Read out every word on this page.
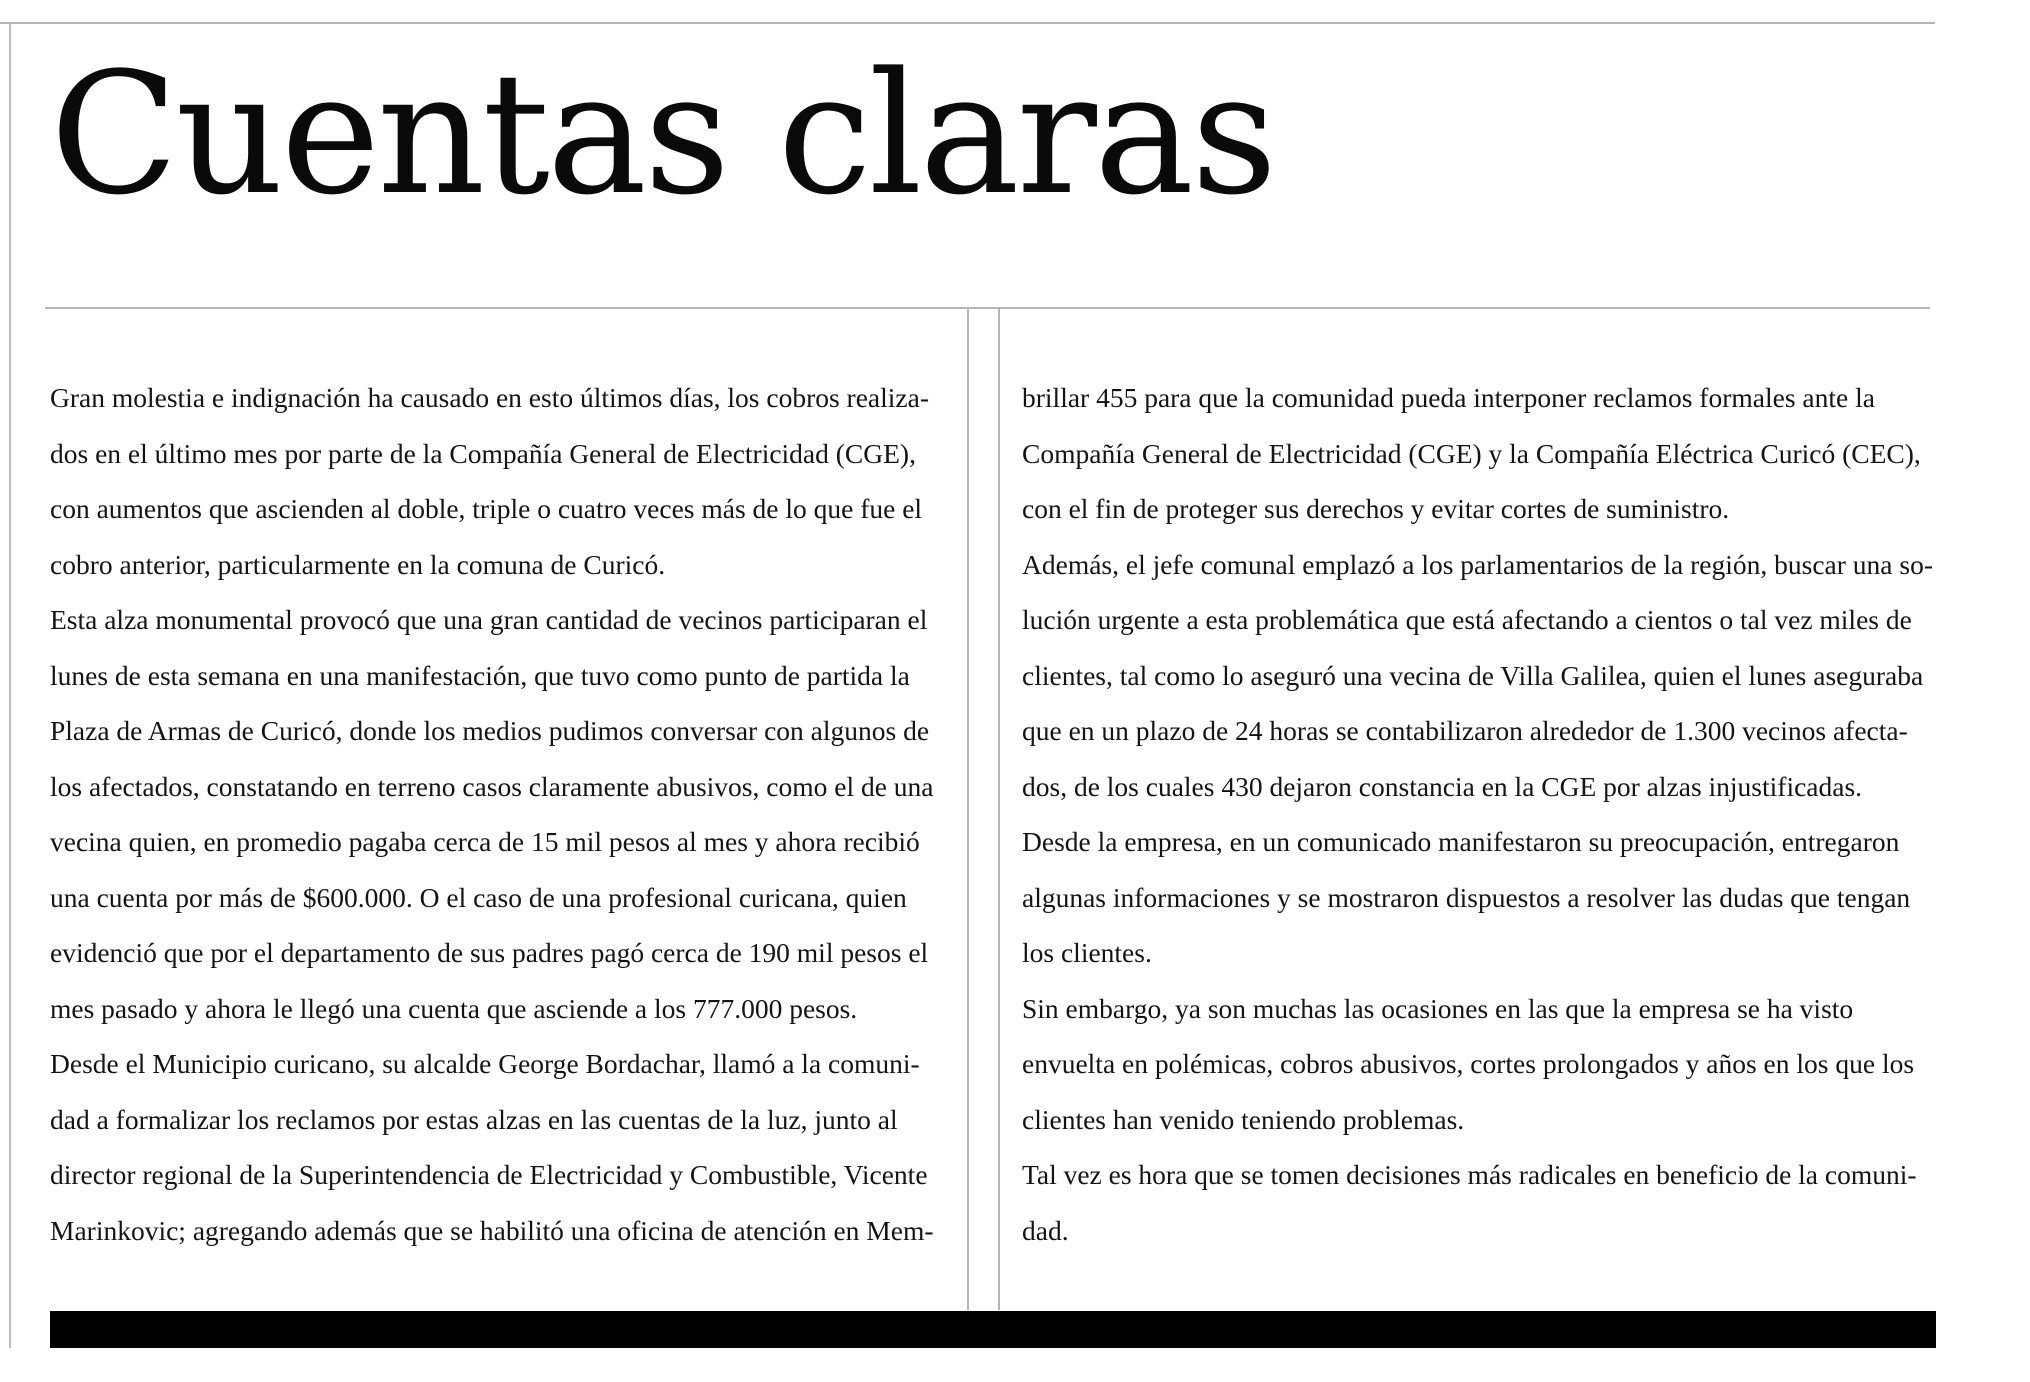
Cuentas claras
Gran molestia e indignación ha causado en esto últimos días, los cobros realiza-
dos en el último mes por parte de la Compañía General de Electricidad (CGE),
con aumentos que ascienden al doble, triple o cuatro veces más de lo que fue el
cobro anterior, particularmente en la comuna de Curicó.
Esta alza monumental provocó que una gran cantidad de vecinos participaran el
lunes de esta semana en una manifestación, que tuvo como punto de partida la
Plaza de Armas de Curicó, donde los medios pudimos conversar con algunos de
los afectados, constatando en terreno casos claramente abusivos, como el de una
vecina quien, en promedio pagaba cerca de 15 mil pesos al mes y ahora recibió
una cuenta por más de $600.000. O el caso de una profesional curicana, quien
evidenció que por el departamento de sus padres pagó cerca de 190 mil pesos el
mes pasado y ahora le llegó una cuenta que asciende a los 777.000 pesos.
Desde el Municipio curicano, su alcalde George Bordachar, llamó a la comuni-
dad a formalizar los reclamos por estas alzas en las cuentas de la luz, junto al
director regional de la Superintendencia de Electricidad y Combustible, Vicente
Marinkovic; agregando además que se habilitó una oficina de atención en Mem-
brillar 455 para que la comunidad pueda interponer reclamos formales ante la
Compañía General de Electricidad (CGE) y la Compañía Eléctrica Curicó (CEC),
con el fin de proteger sus derechos y evitar cortes de suministro.
Además, el jefe comunal emplazó a los parlamentarios de la región, buscar una so-
lución urgente a esta problemática que está afectando a cientos o tal vez miles de
clientes, tal como lo aseguró una vecina de Villa Galilea, quien el lunes aseguraba
que en un plazo de 24 horas se contabilizaron alrededor de 1.300 vecinos afecta-
dos, de los cuales 430 dejaron constancia en la CGE por alzas injustificadas.
Desde la empresa, en un comunicado manifestaron su preocupación, entregaron
algunas informaciones y se mostraron dispuestos a resolver las dudas que tengan
los clientes.
Sin embargo, ya son muchas las ocasiones en las que la empresa se ha visto
envuelta en polémicas, cobros abusivos, cortes prolongados y años en los que los
clientes han venido teniendo problemas.
Tal vez es hora que se tomen decisiones más radicales en beneficio de la comuni-
dad.
